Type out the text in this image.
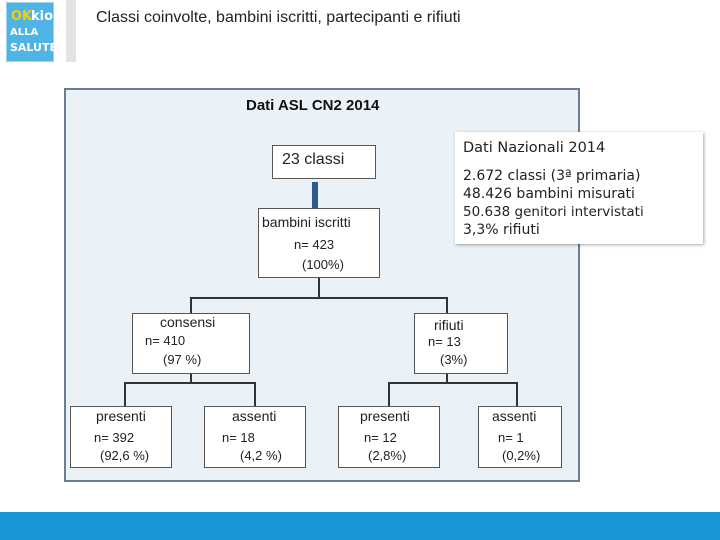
OK
kio
ALLA
SALUTE
Classi coinvolte, bambini iscritti, partecipanti e rifiuti
Dati ASL CN2 2014
23 classi
bambini iscritti
n= 423
(100%)
consensi
n= 410
(97 %)
rifiuti
n= 13
(3%)
presenti
n= 392
(92,6 %)
assenti
n= 18
(4,2 %)
presenti
n= 12
(2,8%)
assenti
n= 1
(0,2%)
Dati Nazionali 2014
2.672 classi (3ª primaria)
48.426 bambini misurati
50.638 genitori intervistati
3,3% rifiuti
